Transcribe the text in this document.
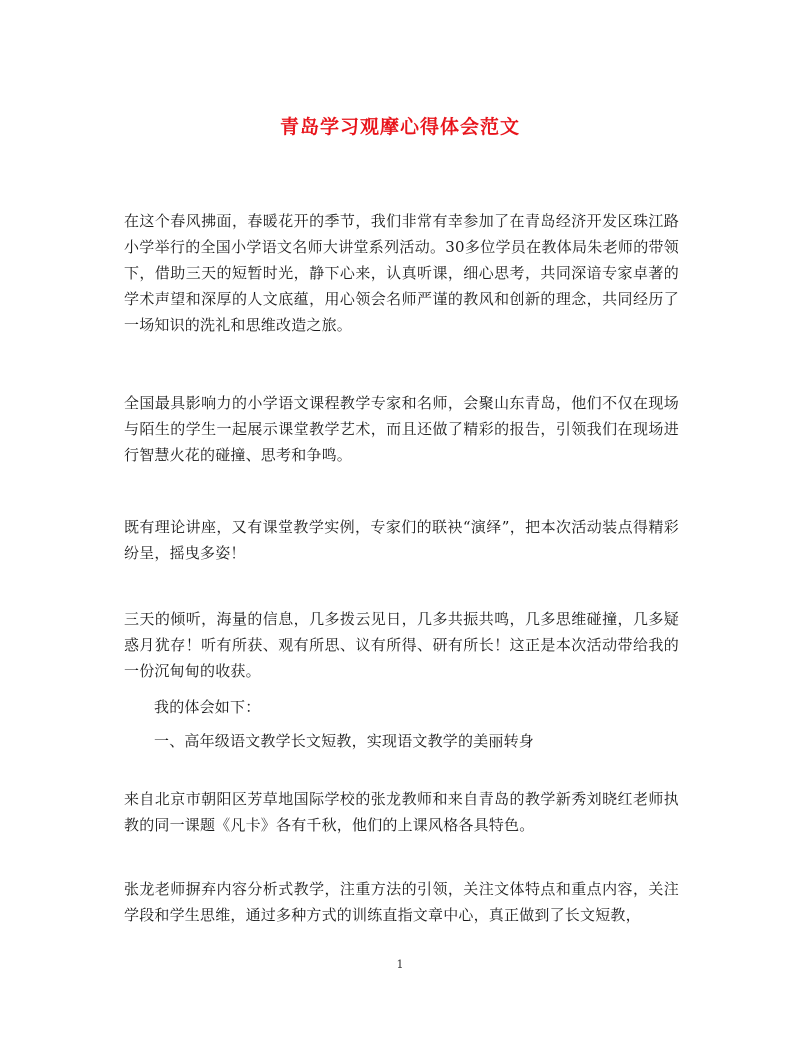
青岛学习观摩心得体会范文

在这个春风拂面，春暖花开的季节，我们非常有幸参加了在青岛经济开发区珠江路小学举行的全国小学语文名师大讲堂系列活动。30多位学员在教体局朱老师的带领下，借助三天的短暂时光，静下心来，认真听课，细心思考，共同深谙专家卓著的学术声望和深厚的人文底蕴，用心领会名师严谨的教风和创新的理念，共同经历了一场知识的洗礼和思维改造之旅。

全国最具影响力的小学语文课程教学专家和名师，会聚山东青岛，他们不仅在现场与陌生的学生一起展示课堂教学艺术，而且还做了精彩的报告，引领我们在现场进行智慧火花的碰撞、思考和争鸣。

既有理论讲座，又有课堂教学实例，专家们的联袂“演绎”，把本次活动装点得精彩纷呈，摇曳多姿！

三天的倾听，海量的信息，几多拨云见日，几多共振共鸣，几多思维碰撞，几多疑惑月犹存！听有所获、观有所思、议有所得、研有所长！这正是本次活动带给我的一份沉甸甸的收获。

我的体会如下：

一、高年级语文教学长文短教，实现语文教学的美丽转身

来自北京市朝阳区芳草地国际学校的张龙教师和来自青岛的教学新秀刘晓红老师执教的同一课题《凡卡》各有千秋，他们的上课风格各具特色。

张龙老师摒弃内容分析式教学，注重方法的引领，关注文体特点和重点内容，关注学段和学生思维，通过多种方式的训练直指文章中心，真正做到了长文短教，

1
